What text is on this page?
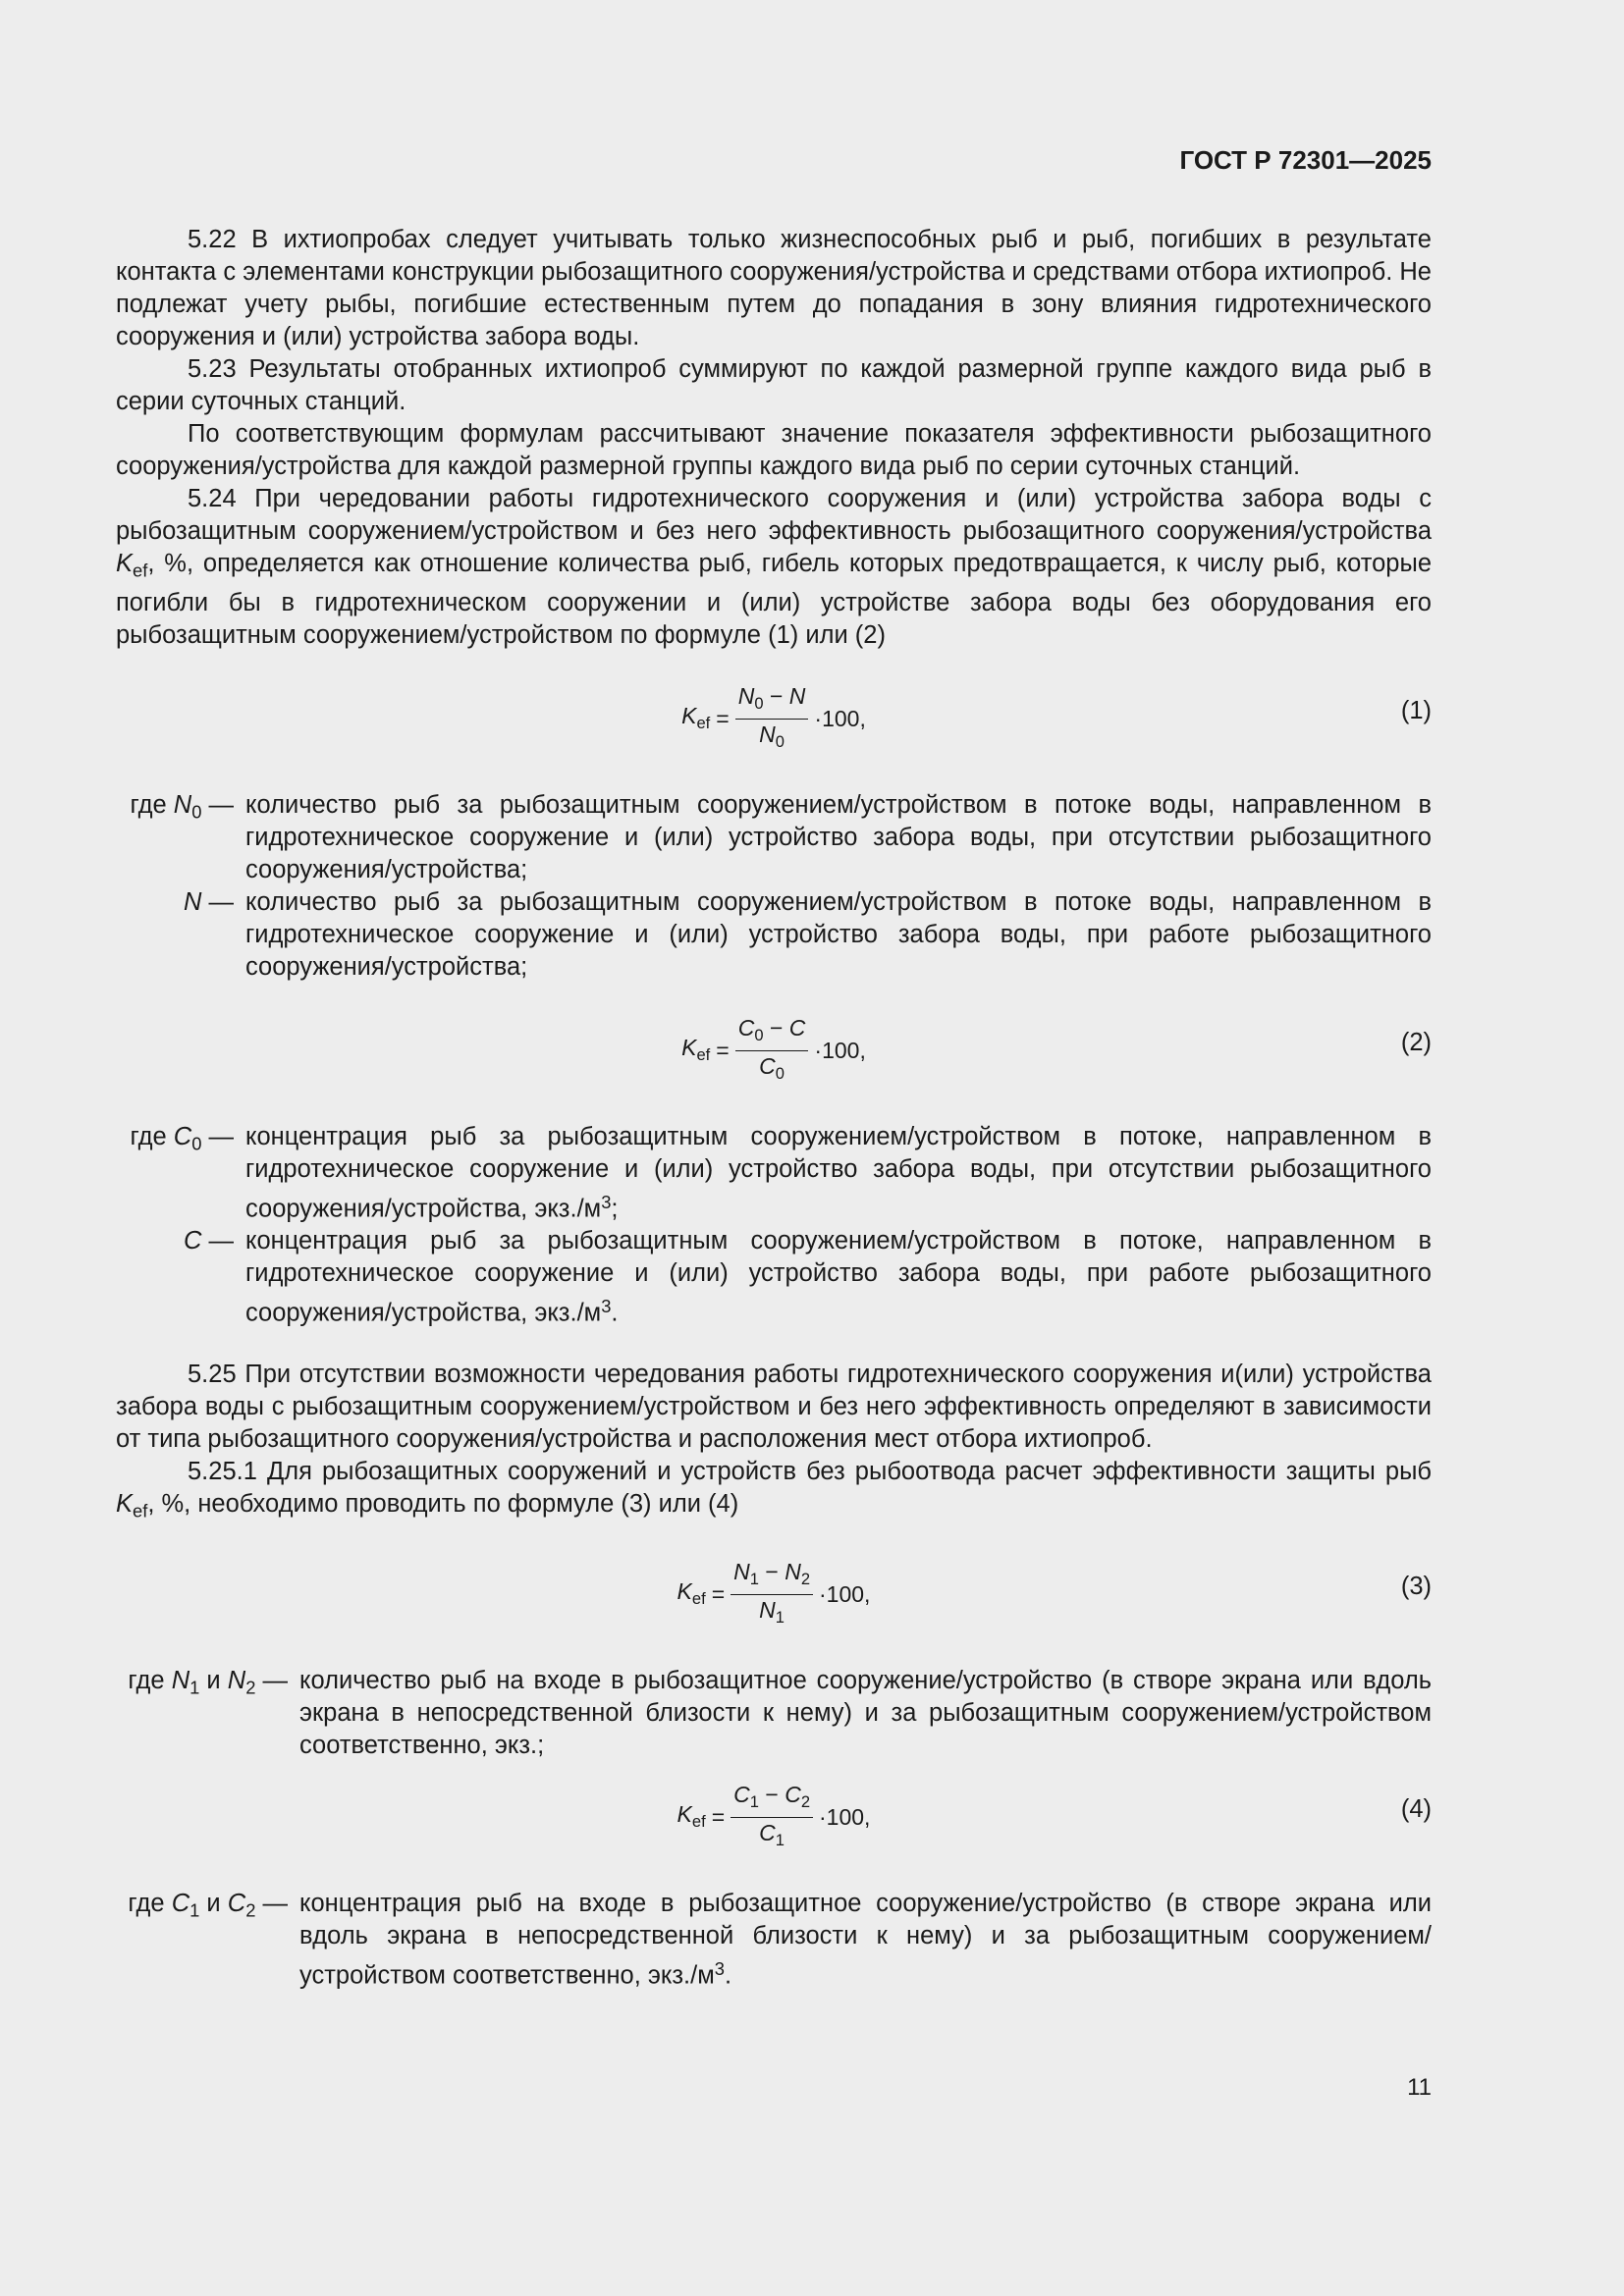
ГОСТ Р 72301—2025

5.22 В ихтиопробах следует учитывать только жизнеспособных рыб и рыб, погибших в результате контакта с элементами конструкции рыбозащитного сооружения/устройства и средствами отбора ихтиопроб. Не подлежат учету рыбы, погибшие естественным путем до попадания в зону влияния гидротехнического сооружения и (или) устройства забора воды.

5.23 Результаты отобранных ихтиопроб суммируют по каждой размерной группе каждого вида рыб в серии суточных станций.

По соответствующим формулам рассчитывают значение показателя эффективности рыбозащитного сооружения/устройства для каждой размерной группы каждого вида рыб по серии суточных станций.

5.24 При чередовании работы гидротехнического сооружения и (или) устройства забора воды с рыбозащитным сооружением/устройством и без него эффективность рыбозащитного сооружения/устройства $K_{ef}$, %, определяется как отношение количества рыб, гибель которых предотвращается, к числу рыб, которые погибли бы в гидротехническом сооружении и (или) устройстве забора воды без оборудования его рыбозащитным сооружением/устройством по формуле (1) или (2)

$K_{ef} = \frac{N_0 - N}{N_0} \cdot 100$,	(1)
где $N_0$ — количество рыб за рыбозащитным сооружением/устройством в потоке воды, направленном в гидротехническое сооружение и (или) устройство забора воды, при отсутствии рыбозащитного сооружения/устройства;
N — количество рыб за рыбозащитным сооружением/устройством в потоке воды, направленном в гидротехническое сооружение и (или) устройство забора воды, при работе рыбозащитного сооружения/устройства;
$K_{ef} = \frac{C_0 - C}{C_0} \cdot 100$,	(2)
где $C_0$ — концентрация рыб за рыбозащитным сооружением/устройством в потоке, направленном в гидротехническое сооружение и (или) устройство забора воды, при отсутствии рыбозащитного сооружения/устройства, $экз./м^3$;
C — концентрация рыб за рыбозащитным сооружением/устройством в потоке, направленном в гидротехническое сооружение и (или) устройство забора воды, при работе рыбозащитного сооружения/устройства, $экз./м^3$.

5.25 При отсутствии возможности чередования работы гидротехнического сооружения и(или) устройства забора воды с рыбозащитным сооружением/устройством и без него эффективность определяют в зависимости от типа рыбозащитного сооружения/устройства и расположения мест отбора ихтиопроб.

5.25.1 Для рыбозащитных сооружений и устройств без рыбоотвода расчет эффективности защиты рыб $K_{ef}$, %, необходимо проводить по формуле (3) или (4)

$K_{ef} = \frac{N_1 - N_2}{N_1} \cdot 100$,	(3)
где $N_1$ и $N_2$ — количество рыб на входе в рыбозащитное сооружение/устройство (в створе экрана или вдоль экрана в непосредственной близости к нему) и за рыбозащитным сооружением/устройством соответственно, экз.;
$K_{ef} = \frac{C_1 - C_2}{C_1} \cdot 100$,	(4)
где $C_1$ и $C_2$ — концентрация рыб на входе в рыбозащитное сооружение/устройство (в створе экрана или вдоль экрана в непосредственной близости к нему) и за рыбозащитным сооружением/устройством соответственно, $экз./м^3$.
11
